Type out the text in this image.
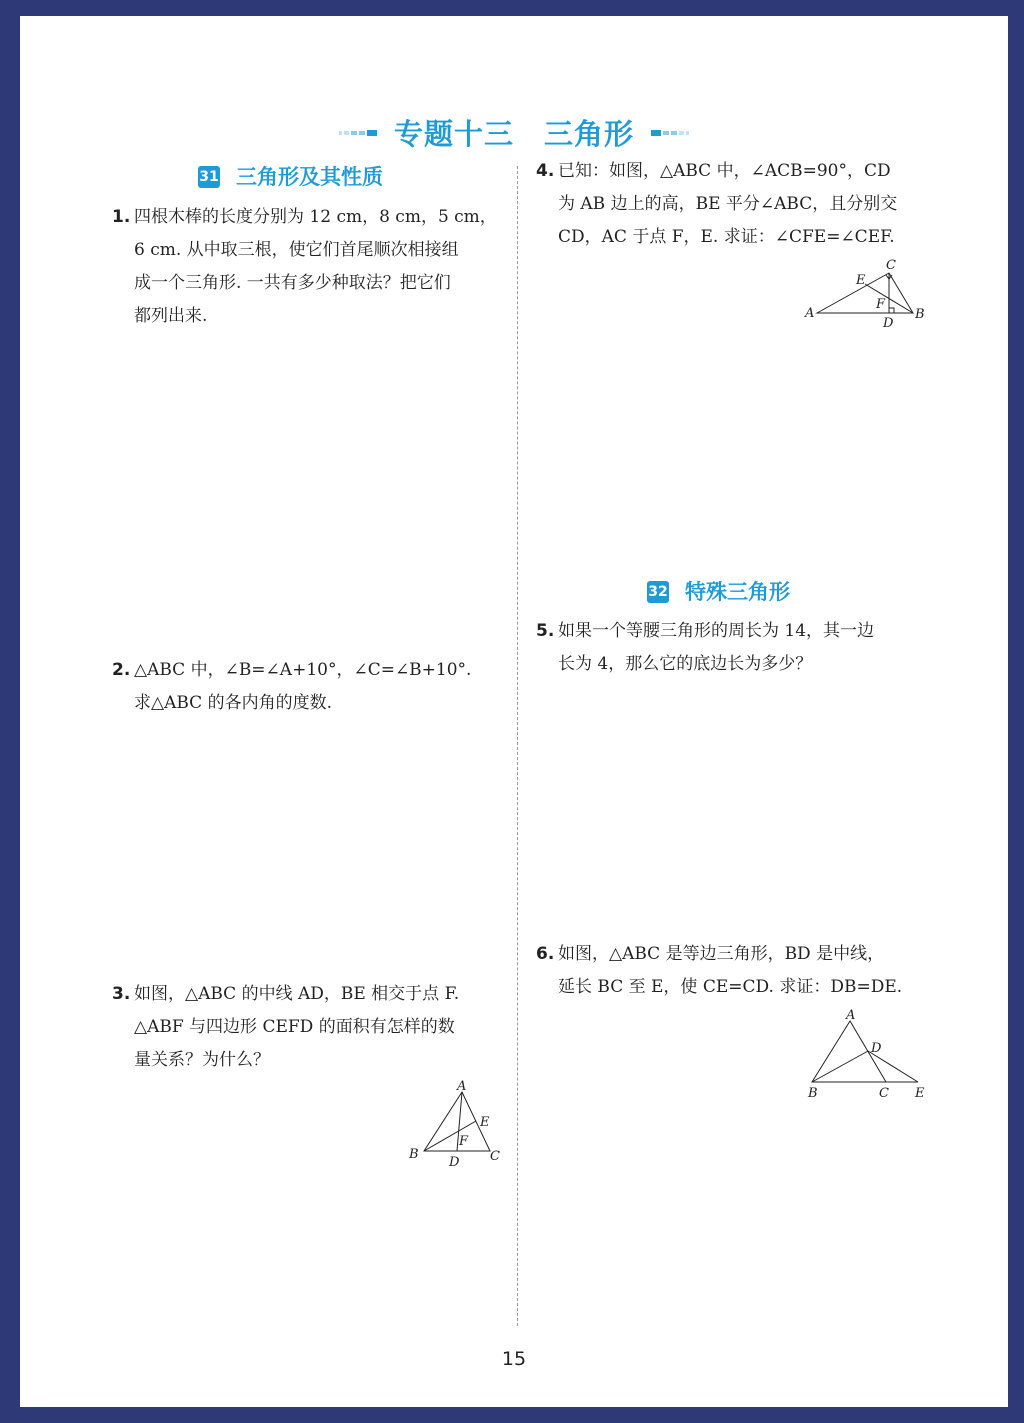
专题十三　三角形
31 三角形及其性质
1. 四根木棒的长度分别为 12 cm，8 cm，5 cm，

6 cm. 从中取三根，使它们首尾顺次相接组

成一个三角形. 一共有多少种取法？把它们

都列出来.

2. △ABC 中，∠B=∠A+10°，∠C=∠B+10°.

求△ABC 的各内角的度数.

3. 如图，△ABC 的中线 AD，BE 相交于点 F.

△ABF 与四边形 CEFD 的面积有怎样的数

量关系？为什么？

A
B	C
D
E
F
4. 已知：如图，△ABC 中，∠ACB=90°，CD

为 AB 边上的高，BE 平分∠ABC，且分别交

CD，AC 于点 F，E. 求证：∠CFE=∠CEF.

A	B
C
D
E
F
32 特殊三角形
5. 如果一个等腰三角形的周长为 14，其一边

长为 4，那么它的底边长为多少？

6. 如图，△ABC 是等边三角形，BD 是中线，

延长 BC 至 E，使 CE=CD. 求证：DB=DE.

A
B	C
D
E
15
